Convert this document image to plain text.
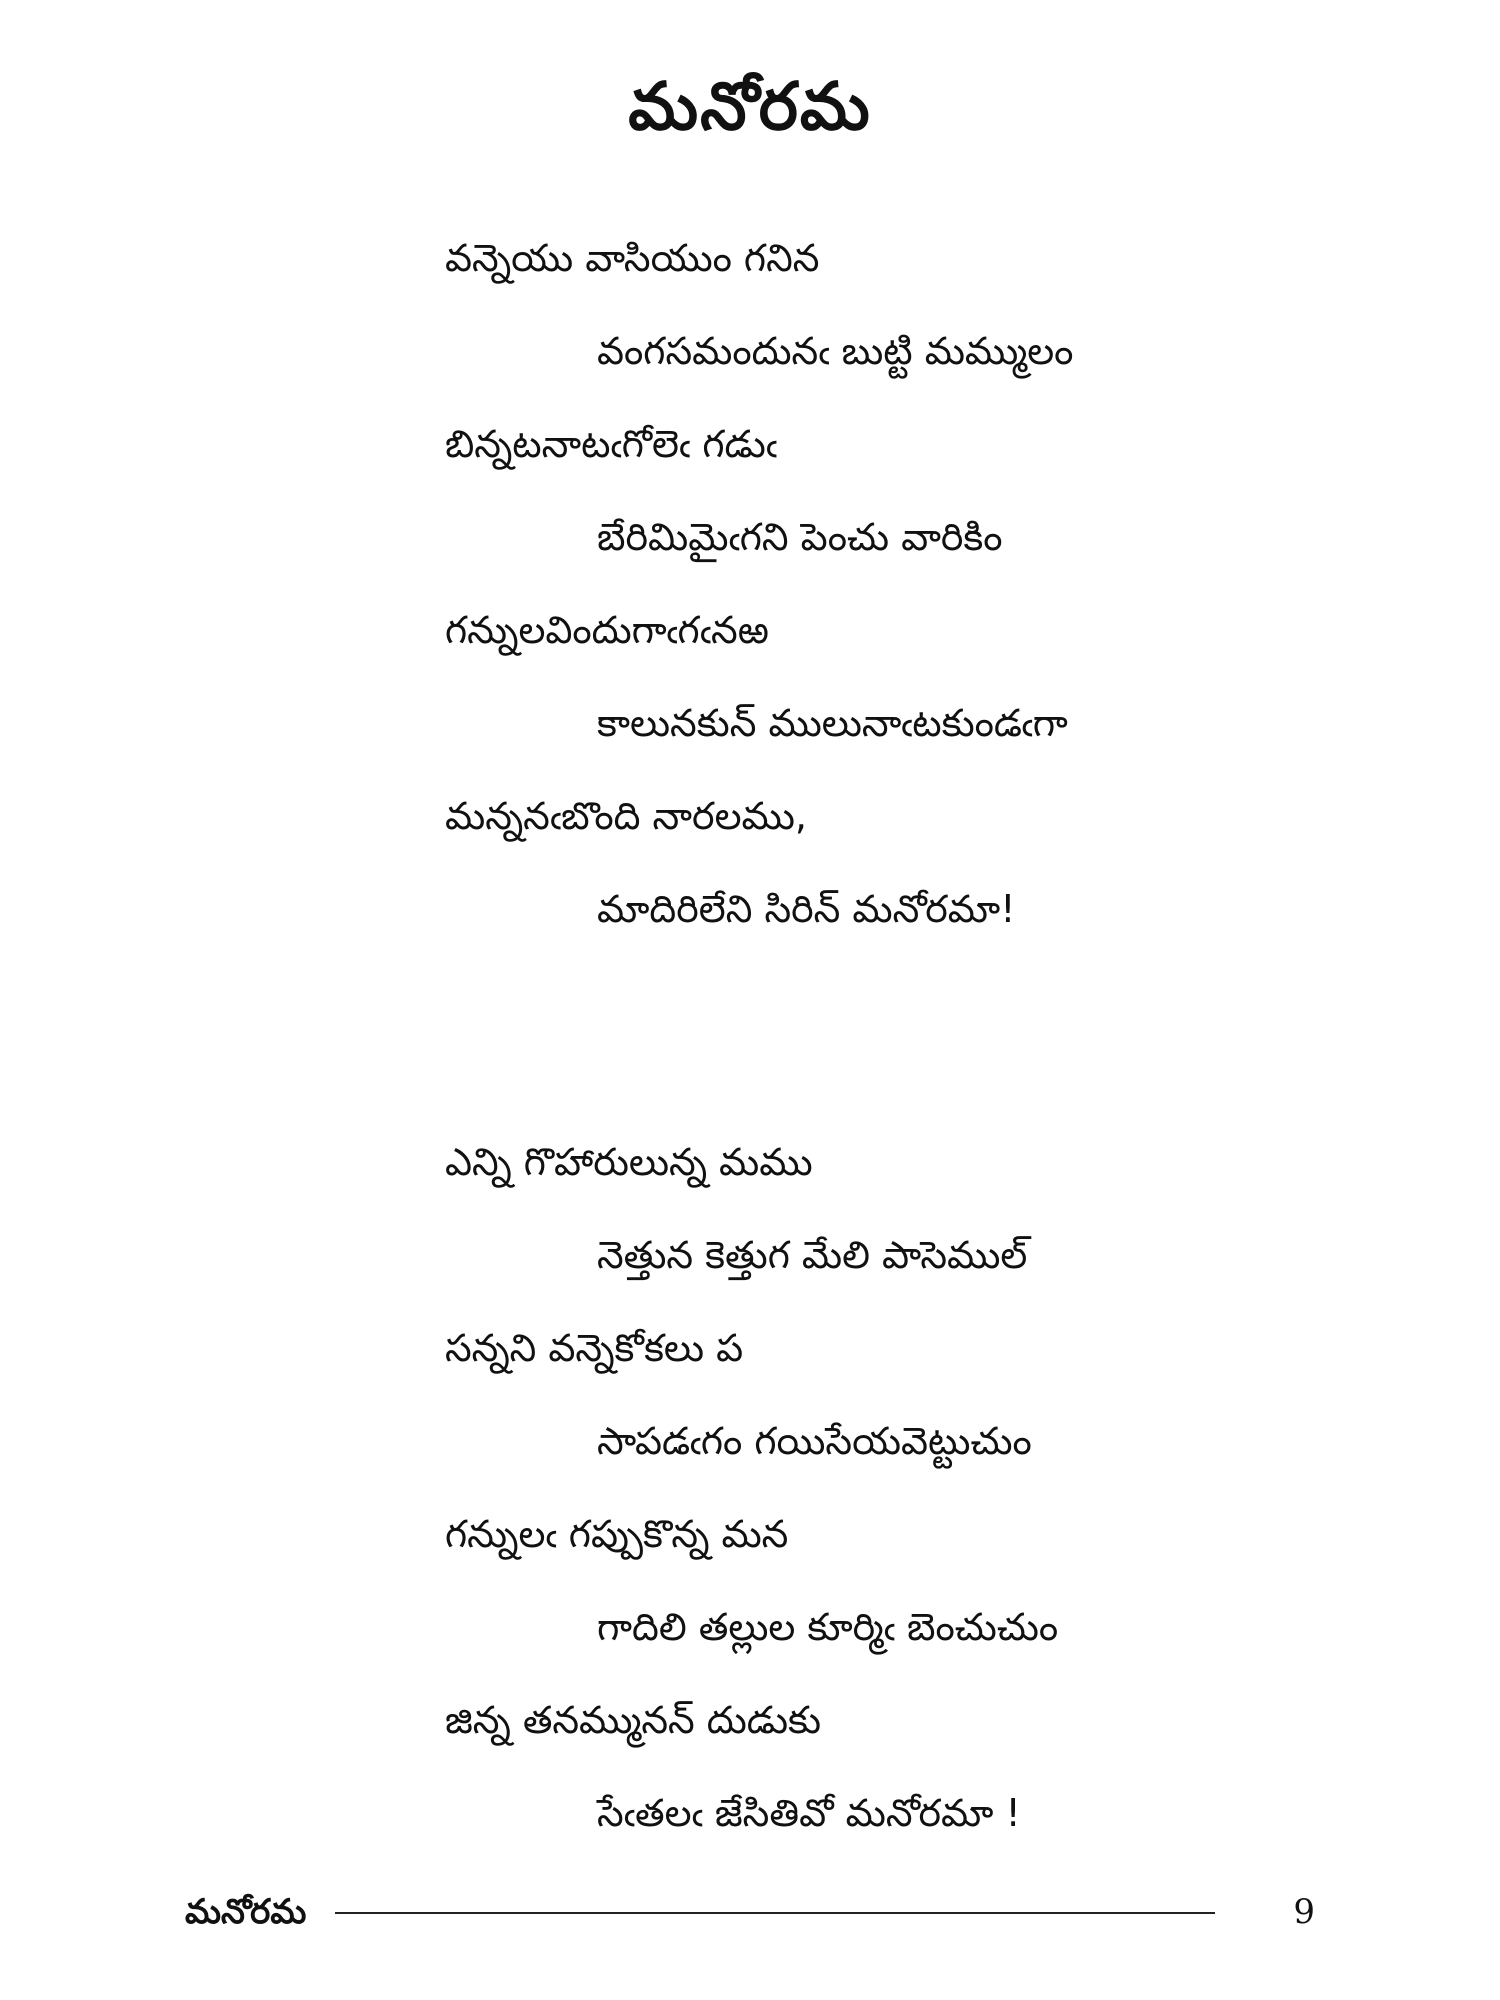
మనోరమ
వన్నెయు వాసియుం గనిన
వంగసమందునఁ బుట్టి మమ్ములం
బిన్నటనాటఁగోలెఁ గడుఁ
బేరిమిమైఁగని పెంచు వారికిం
గన్నులవిందుగాఁగఁనఱ
కాలునకున్ ములునాఁటకుండఁగా
మన్ననఁబొంది నారలము,
మాదిరిలేని సిరిన్ మనోరమా!
ఎన్ని గొహారులున్న మము
నెత్తున కెత్తుగ మేలి పాసెముల్
సన్నని వన్నెకోకలు ప
సాపడఁగం గయిసేయవెట్టుచుం
గన్నులఁ గప్పుకొన్న మన
గాదిలి తల్లుల కూర్మిఁ బెంచుచుం
జిన్న తనమ్మునన్ దుడుకు
సేఁతలఁ జేసితివో మనోరమా !
మనోరమ	9
